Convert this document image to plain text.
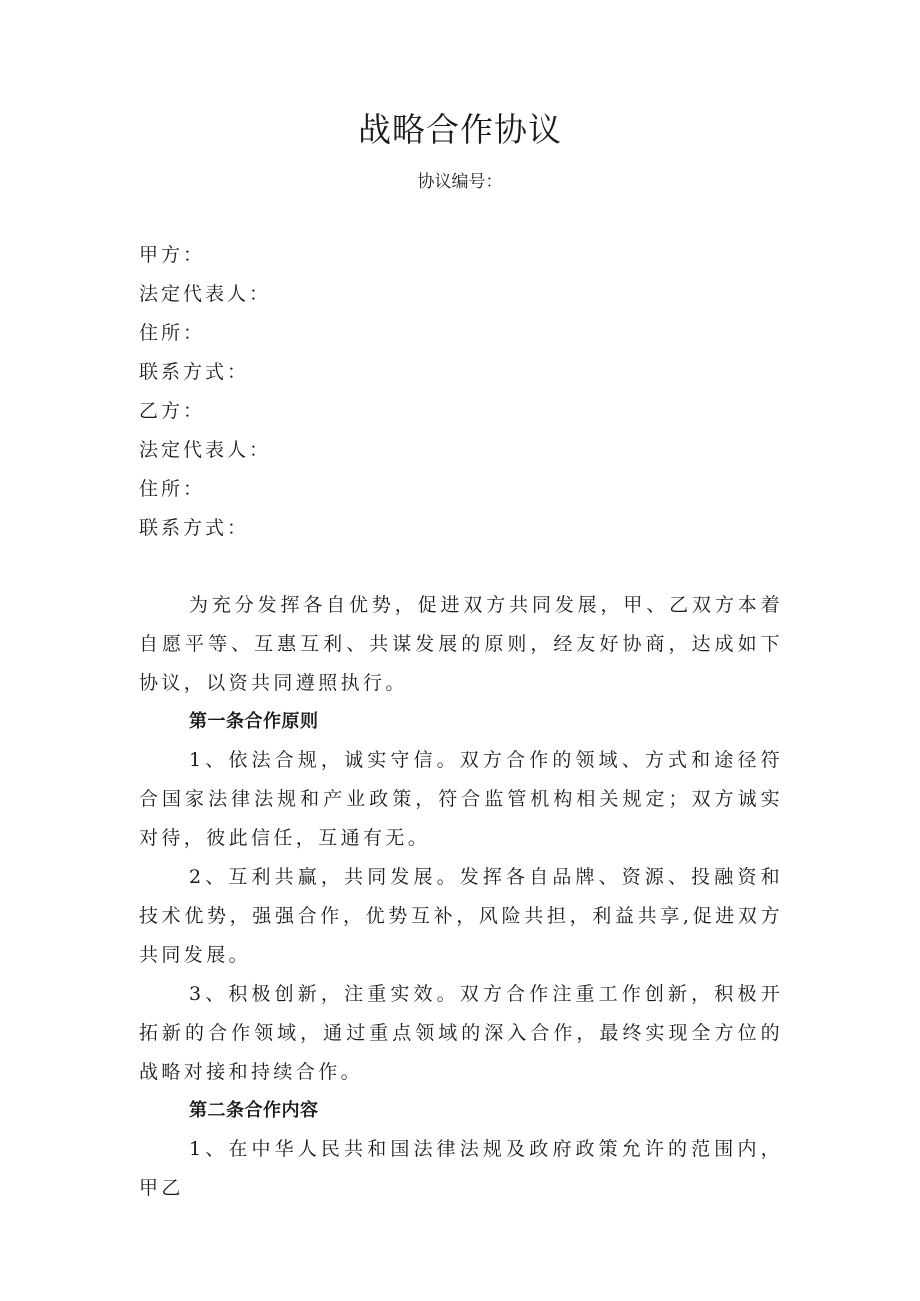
战略合作协议
协议编号：
甲方：
法定代表人：
住所：
联系方式：
乙方：
法定代表人：
住所：
联系方式：

为充分发挥各自优势，促进双方共同发展，甲、乙双方本着自愿平等、互惠互利、共谋发展的原则，经友好协商，达成如下协议，以资共同遵照执行。

第一条合作原则

1、依法合规，诚实守信。双方合作的领域、方式和途径符合国家法律法规和产业政策，符合监管机构相关规定；双方诚实对待，彼此信任，互通有无。

2、互利共赢，共同发展。发挥各自品牌、资源、投融资和技术优势，强强合作，优势互补，风险共担，利益共享,促进双方共同发展。

3、积极创新，注重实效。双方合作注重工作创新，积极开拓新的合作领域，通过重点领域的深入合作，最终实现全方位的战略对接和持续合作。

第二条合作内容

1、在中华人民共和国法律法规及政府政策允许的范围内，甲乙
